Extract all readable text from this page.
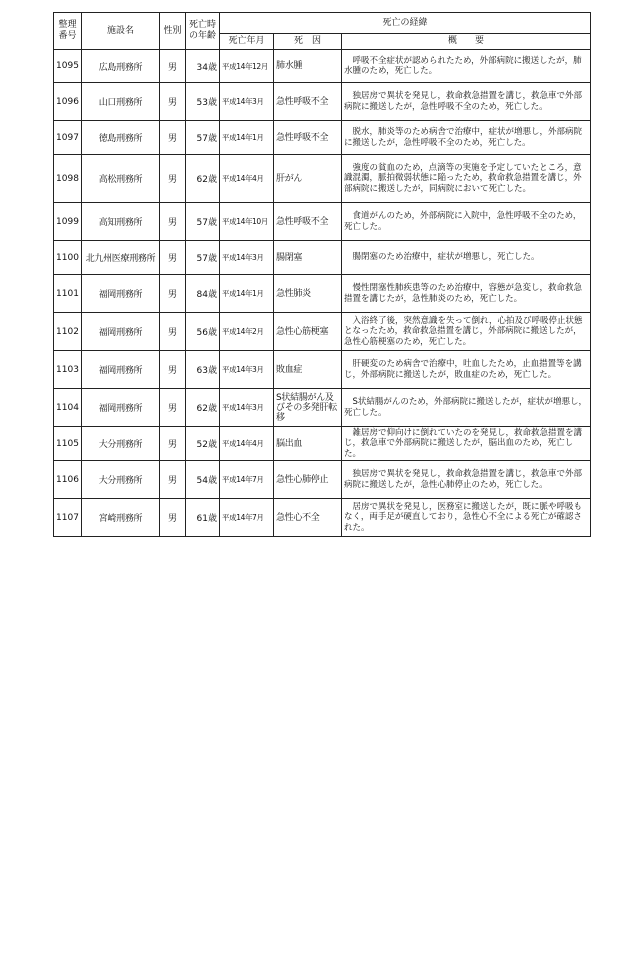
整理番号	施設名	性別	死亡時の年齢	死亡の経緯		
				死亡年月	死　因	概　　要
1095	広島刑務所	男	34歳	平成14年12月	肺水腫	呼吸不全症状が認められたため，外部病院に搬送したが，肺水腫のため，死亡した。
1096	山口刑務所	男	53歳	平成14年3月	急性呼吸不全	独居房で異状を発見し，救命救急措置を講じ，救急車で外部病院に搬送したが，急性呼吸不全のため，死亡した。
1097	徳島刑務所	男	57歳	平成14年1月	急性呼吸不全	脱水，肺炎等のため病舎で治療中，症状が増悪し，外部病院に搬送したが，急性呼吸不全のため，死亡した。
1098	高松刑務所	男	62歳	平成14年4月	肝がん	強度の貧血のため，点滴等の実施を予定していたところ，意識混濁，脈拍微弱状態に陥ったため，救命救急措置を講じ，外部病院に搬送したが，同病院において死亡した。
1099	高知刑務所	男	57歳	平成14年10月	急性呼吸不全	食道がんのため，外部病院に入院中，急性呼吸不全のため，死亡した。
1100	北九州医療刑務所	男	57歳	平成14年3月	腸閉塞	腸閉塞のため治療中，症状が増悪し，死亡した。
1101	福岡刑務所	男	84歳	平成14年1月	急性肺炎	慢性閉塞性肺疾患等のため治療中，容態が急変し，救命救急措置を講じたが，急性肺炎のため，死亡した。
1102	福岡刑務所	男	56歳	平成14年2月	急性心筋梗塞	入浴終了後，突然意識を失って倒れ，心拍及び呼吸停止状態となったため，救命救急措置を講じ，外部病院に搬送したが，急性心筋梗塞のため，死亡した。
1103	福岡刑務所	男	63歳	平成14年3月	敗血症	肝硬変のため病舎で治療中，吐血したため，止血措置等を講じ，外部病院に搬送したが，敗血症のため，死亡した。
1104	福岡刑務所	男	62歳	平成14年3月	S状結腸がん及びその多発肝転移	S状結腸がんのため，外部病院に搬送したが，症状が増悪し，死亡した。
1105	大分刑務所	男	52歳	平成14年4月	脳出血	雑居房で仰向けに倒れていたのを発見し，救命救急措置を講じ，救急車で外部病院に搬送したが，脳出血のため，死亡した。
1106	大分刑務所	男	54歳	平成14年7月	急性心肺停止	独居房で異状を発見し，救命救急措置を講じ，救急車で外部病院に搬送したが，急性心肺停止のため，死亡した。
1107	宮崎刑務所	男	61歳	平成14年7月	急性心不全	居房で異状を発見し，医務室に搬送したが，既に脈や呼吸もなく，両手足が硬直しており，急性心不全による死亡が確認された。
